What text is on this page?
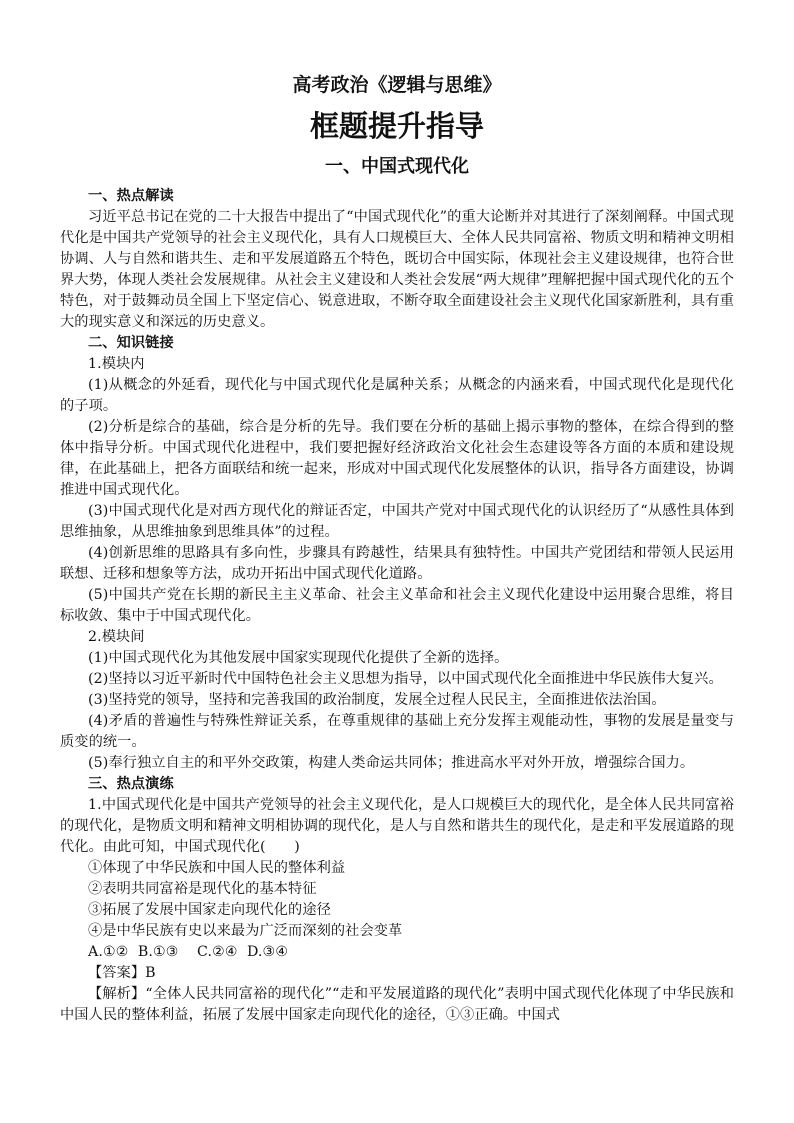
高考政治《逻辑与思维》
框题提升指导
一、中国式现代化

一、热点解读

习近平总书记在党的二十大报告中提出了“中国式现代化”的重大论断并对其进行了深刻阐释。中国式现代化是中国共产党领导的社会主义现代化，具有人口规模巨大、全体人民共同富裕、物质文明和精神文明相协调、人与自然和谐共生、走和平发展道路五个特色，既切合中国实际，体现社会主义建设规律，也符合世界大势，体现人类社会发展规律。从社会主义建设和人类社会发展“两大规律”理解把握中国式现代化的五个特色，对于鼓舞动员全国上下坚定信心、锐意进取，不断夺取全面建设社会主义现代化国家新胜利，具有重大的现实意义和深远的历史意义。

二、知识链接

1.模块内

(1)从概念的外延看，现代化与中国式现代化是属种关系；从概念的内涵来看，中国式现代化是现代化的子项。

(2)分析是综合的基础，综合是分析的先导。我们要在分析的基础上揭示事物的整体，在综合得到的整体中指导分析。中国式现代化进程中，我们要把握好经济政治文化社会生态建设等各方面的本质和建设规律，在此基础上，把各方面联结和统一起来，形成对中国式现代化发展整体的认识，指导各方面建设，协调推进中国式现代化。

(3)中国式现代化是对西方现代化的辩证否定，中国共产党对中国式现代化的认识经历了“从感性具体到思维抽象，从思维抽象到思维具体”的过程。

(4)创新思维的思路具有多向性，步骤具有跨越性，结果具有独特性。中国共产党团结和带领人民运用联想、迁移和想象等方法，成功开拓出中国式现代化道路。

(5)中国共产党在长期的新民主主义革命、社会主义革命和社会主义现代化建设中运用聚合思维，将目标收敛、集中于中国式现代化。

2.模块间

(1)中国式现代化为其他发展中国家实现现代化提供了全新的选择。

(2)坚持以习近平新时代中国特色社会主义思想为指导，以中国式现代化全面推进中华民族伟大复兴。

(3)坚持党的领导，坚持和完善我国的政治制度，发展全过程人民民主，全面推进依法治国。

(4)矛盾的普遍性与特殊性辩证关系，在尊重规律的基础上充分发挥主观能动性，事物的发展是量变与质变的统一。

(5)奉行独立自主的和平外交政策，构建人类命运共同体；推进高水平对外开放，增强综合国力。

三、热点演练

1.中国式现代化是中国共产党领导的社会主义现代化，是人口规模巨大的现代化，是全体人民共同富裕的现代化，是物质文明和精神文明相协调的现代化，是人与自然和谐共生的现代化，是走和平发展道路的现代化。由此可知，中国式现代化(　　)

①体现了中华民族和中国人民的整体利益

②表明共同富裕是现代化的基本特征

③拓展了发展中国家走向现代化的途径

④是中华民族有史以来最为广泛而深刻的社会变革

A.①②  B.①③    C.②④  D.③④

【答案】B

【解析】“全体人民共同富裕的现代化”“走和平发展道路的现代化”表明中国式现代化体现了中华民族和中国人民的整体利益，拓展了发展中国家走向现代化的途径，①③正确。中国式
